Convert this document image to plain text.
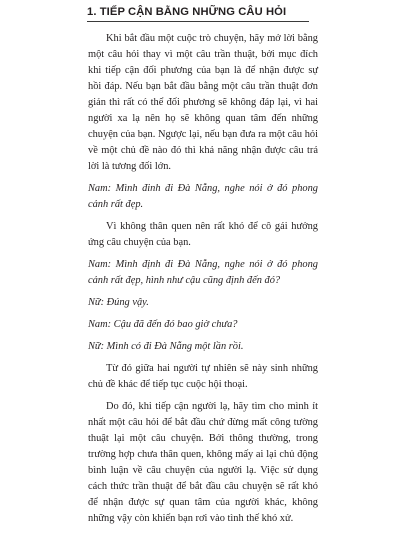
1. TIẾP CẬN BẰNG NHỮNG CÂU HỎI

Khi bắt đầu một cuộc trò chuyện, hãy mở lời bằng một câu hỏi thay vì một câu trần thuật, bởi mục đích khi tiếp cận đối phương của bạn là để nhận được sự hồi đáp. Nếu bạn bắt đầu bằng một câu trần thuật đơn giản thì rất có thể đối phương sẽ không đáp lại, vì hai người xa lạ nên họ sẽ không quan tâm đến những chuyện của bạn. Ngược lại, nếu bạn đưa ra một câu hỏi về một chủ đề nào đó thì khả năng nhận được câu trả lời là tương đối lớn.

Nam: Mình đinh đi Đà Nẵng, nghe nói ở đó phong cảnh rất đẹp.

Vì không thân quen nên rất khó để cô gái hưởng ứng câu chuyện của bạn.

Nam: Mình định đi Đà Nẵng, nghe nói ở đó phong cảnh rất đẹp, hình như cậu cũng định đến đó?

Nữ: Đúng vậy.

Nam: Cậu đã đến đó bao giờ chưa?

Nữ: Mình có đi Đà Nẵng một lần rồi.

Từ đó giữa hai người tự nhiên sẽ này sinh những chủ đề khác để tiếp tục cuộc hội thoại.

Do đó, khi tiếp cận người lạ, hãy tìm cho mình ít nhất một câu hỏi để bắt đầu chứ đừng mất công tường thuật lại một câu chuyện. Bởi thông thường, trong trường hợp chưa thân quen, không mấy ai lại chủ động bình luận về câu chuyện của người lạ. Việc sử dụng cách thức trần thuật để bắt đầu câu chuyện sẽ rất khó để nhận được sự quan tâm của người khác, không những vậy còn khiến bạn rơi vào tình thế khó xử.
